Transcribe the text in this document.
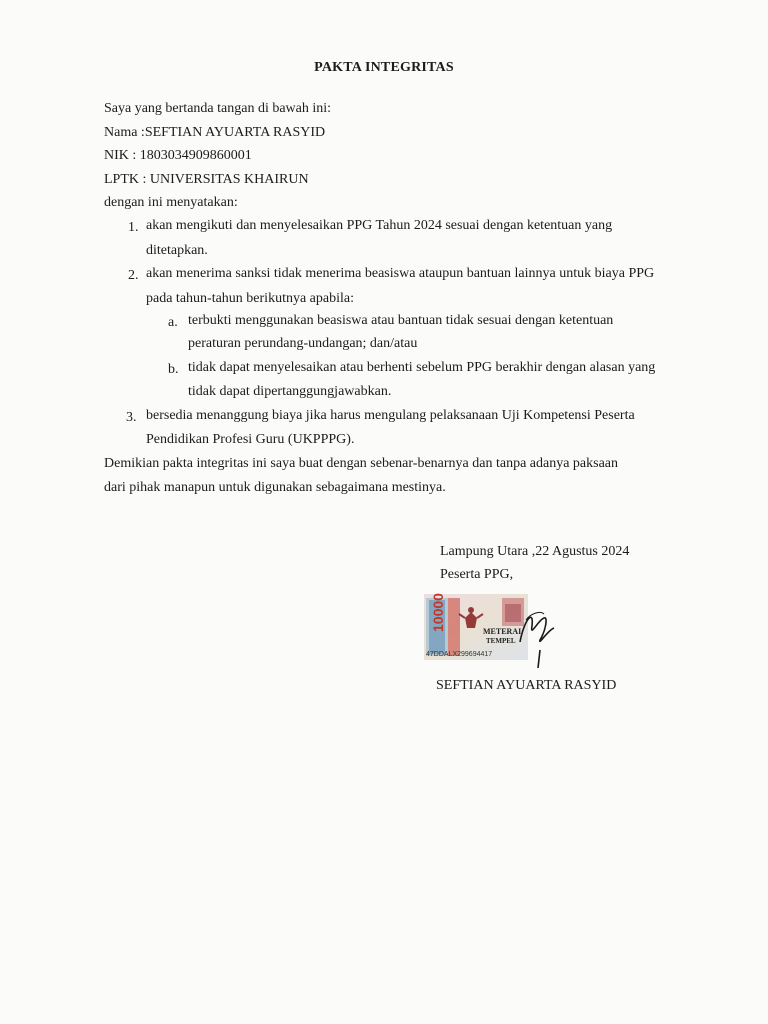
PAKTA INTEGRITAS
Saya yang bertanda tangan di bawah ini:
Nama :SEFTIAN AYUARTA RASYID
NIK : 1803034909860001
LPTK : UNIVERSITAS KHAIRUN
dengan ini menyatakan:
1. akan mengikuti dan menyelesaikan PPG Tahun 2024 sesuai dengan ketentuan yang
ditetapkan.
2. akan menerima sanksi tidak menerima beasiswa ataupun bantuan lainnya untuk biaya PPG
pada tahun-tahun berikutnya apabila:
a. terbukti menggunakan beasiswa atau bantuan tidak sesuai dengan ketentuan
peraturan perundang-undangan; dan/atau
b. tidak dapat menyelesaikan atau berhenti sebelum PPG berakhir dengan alasan yang
tidak dapat dipertanggungjawabkan.
3. bersedia menanggung biaya jika harus mengulang pelaksanaan Uji Kompetensi Peserta
Pendidikan Profesi Guru (UKPPPG).
Demikian pakta integritas ini saya buat dengan sebenar-benarnya dan tanpa adanya paksaan
dari pihak manapun untuk digunakan sebagaimana mestinya.
Lampung Utara ,22 Agustus 2024
Peserta PPG,
10000	METERAI
TEMPEL
47DDALX299694417
SEFTIAN AYUARTA RASYID
